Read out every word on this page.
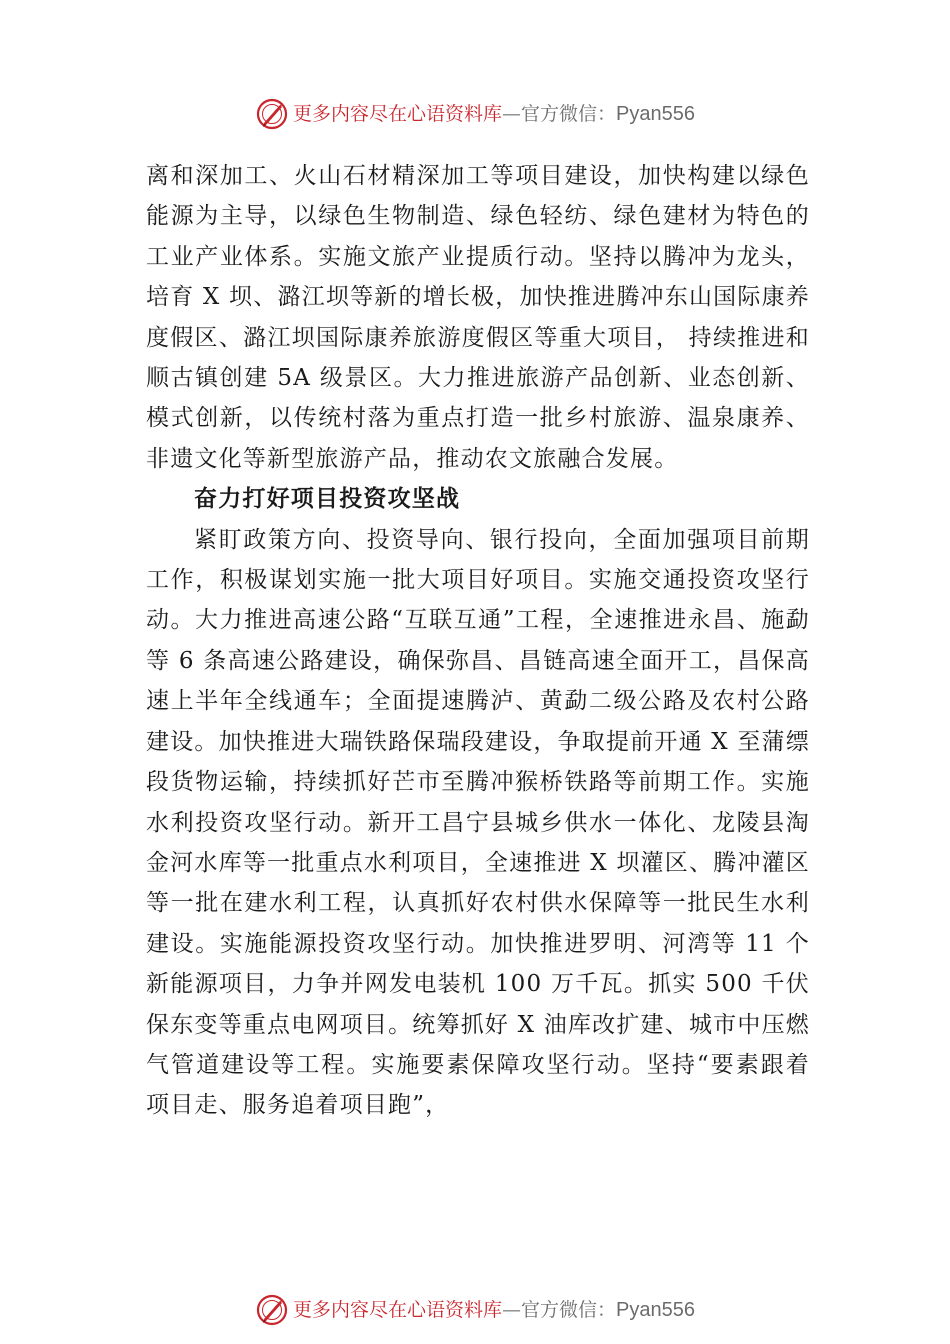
更多内容尽在心语资料库 — 官方微信： Pyan556

离和深加工、火山石材精深加工等项目建设，加快构建以绿色能源为主导，以绿色生物制造、绿色轻纺、绿色建材为特色的工业产业体系。实施文旅产业提质行动。坚持以腾冲为龙头，培育 X 坝、潞江坝等新的增长极，加快推进腾冲东山国际康养度假区、潞江坝国际康养旅游度假区等重大项目， 持续推进和顺古镇创建 5A 级景区。大力推进旅游产品创新、业态创新、模式创新，以传统村落为重点打造一批乡村旅游、温泉康养、非遗文化等新型旅游产品，推动农文旅融合发展。

奋力打好项目投资攻坚战

紧盯政策方向、投资导向、银行投向，全面加强项目前期工作，积极谋划实施一批大项目好项目。实施交通投资攻坚行动。大力推进高速公路“互联互通”工程，全速推进永昌、施勐等 6 条高速公路建设，确保弥昌、昌链高速全面开工，昌保高速上半年全线通车；全面提速腾泸、黄勐二级公路及农村公路建设。加快推进大瑞铁路保瑞段建设，争取提前开通 X 至蒲缥段货物运输，持续抓好芒市至腾冲猴桥铁路等前期工作。实施水利投资攻坚行动。新开工昌宁县城乡供水一体化、龙陵县淘金河水库等一批重点水利项目，全速推进 X 坝灌区、腾冲灌区等一批在建水利工程，认真抓好农村供水保障等一批民生水利建设。实施能源投资攻坚行动。加快推进罗明、河湾等 11 个新能源项目，力争并网发电装机 100 万千瓦。抓实 500 千伏保东变等重点电网项目。统筹抓好 X 油库改扩建、城市中压燃气管道建设等工程。实施要素保障攻坚行动。坚持“要素跟着项目走、服务追着项目跑”，

更多内容尽在心语资料库 — 官方微信： Pyan556
